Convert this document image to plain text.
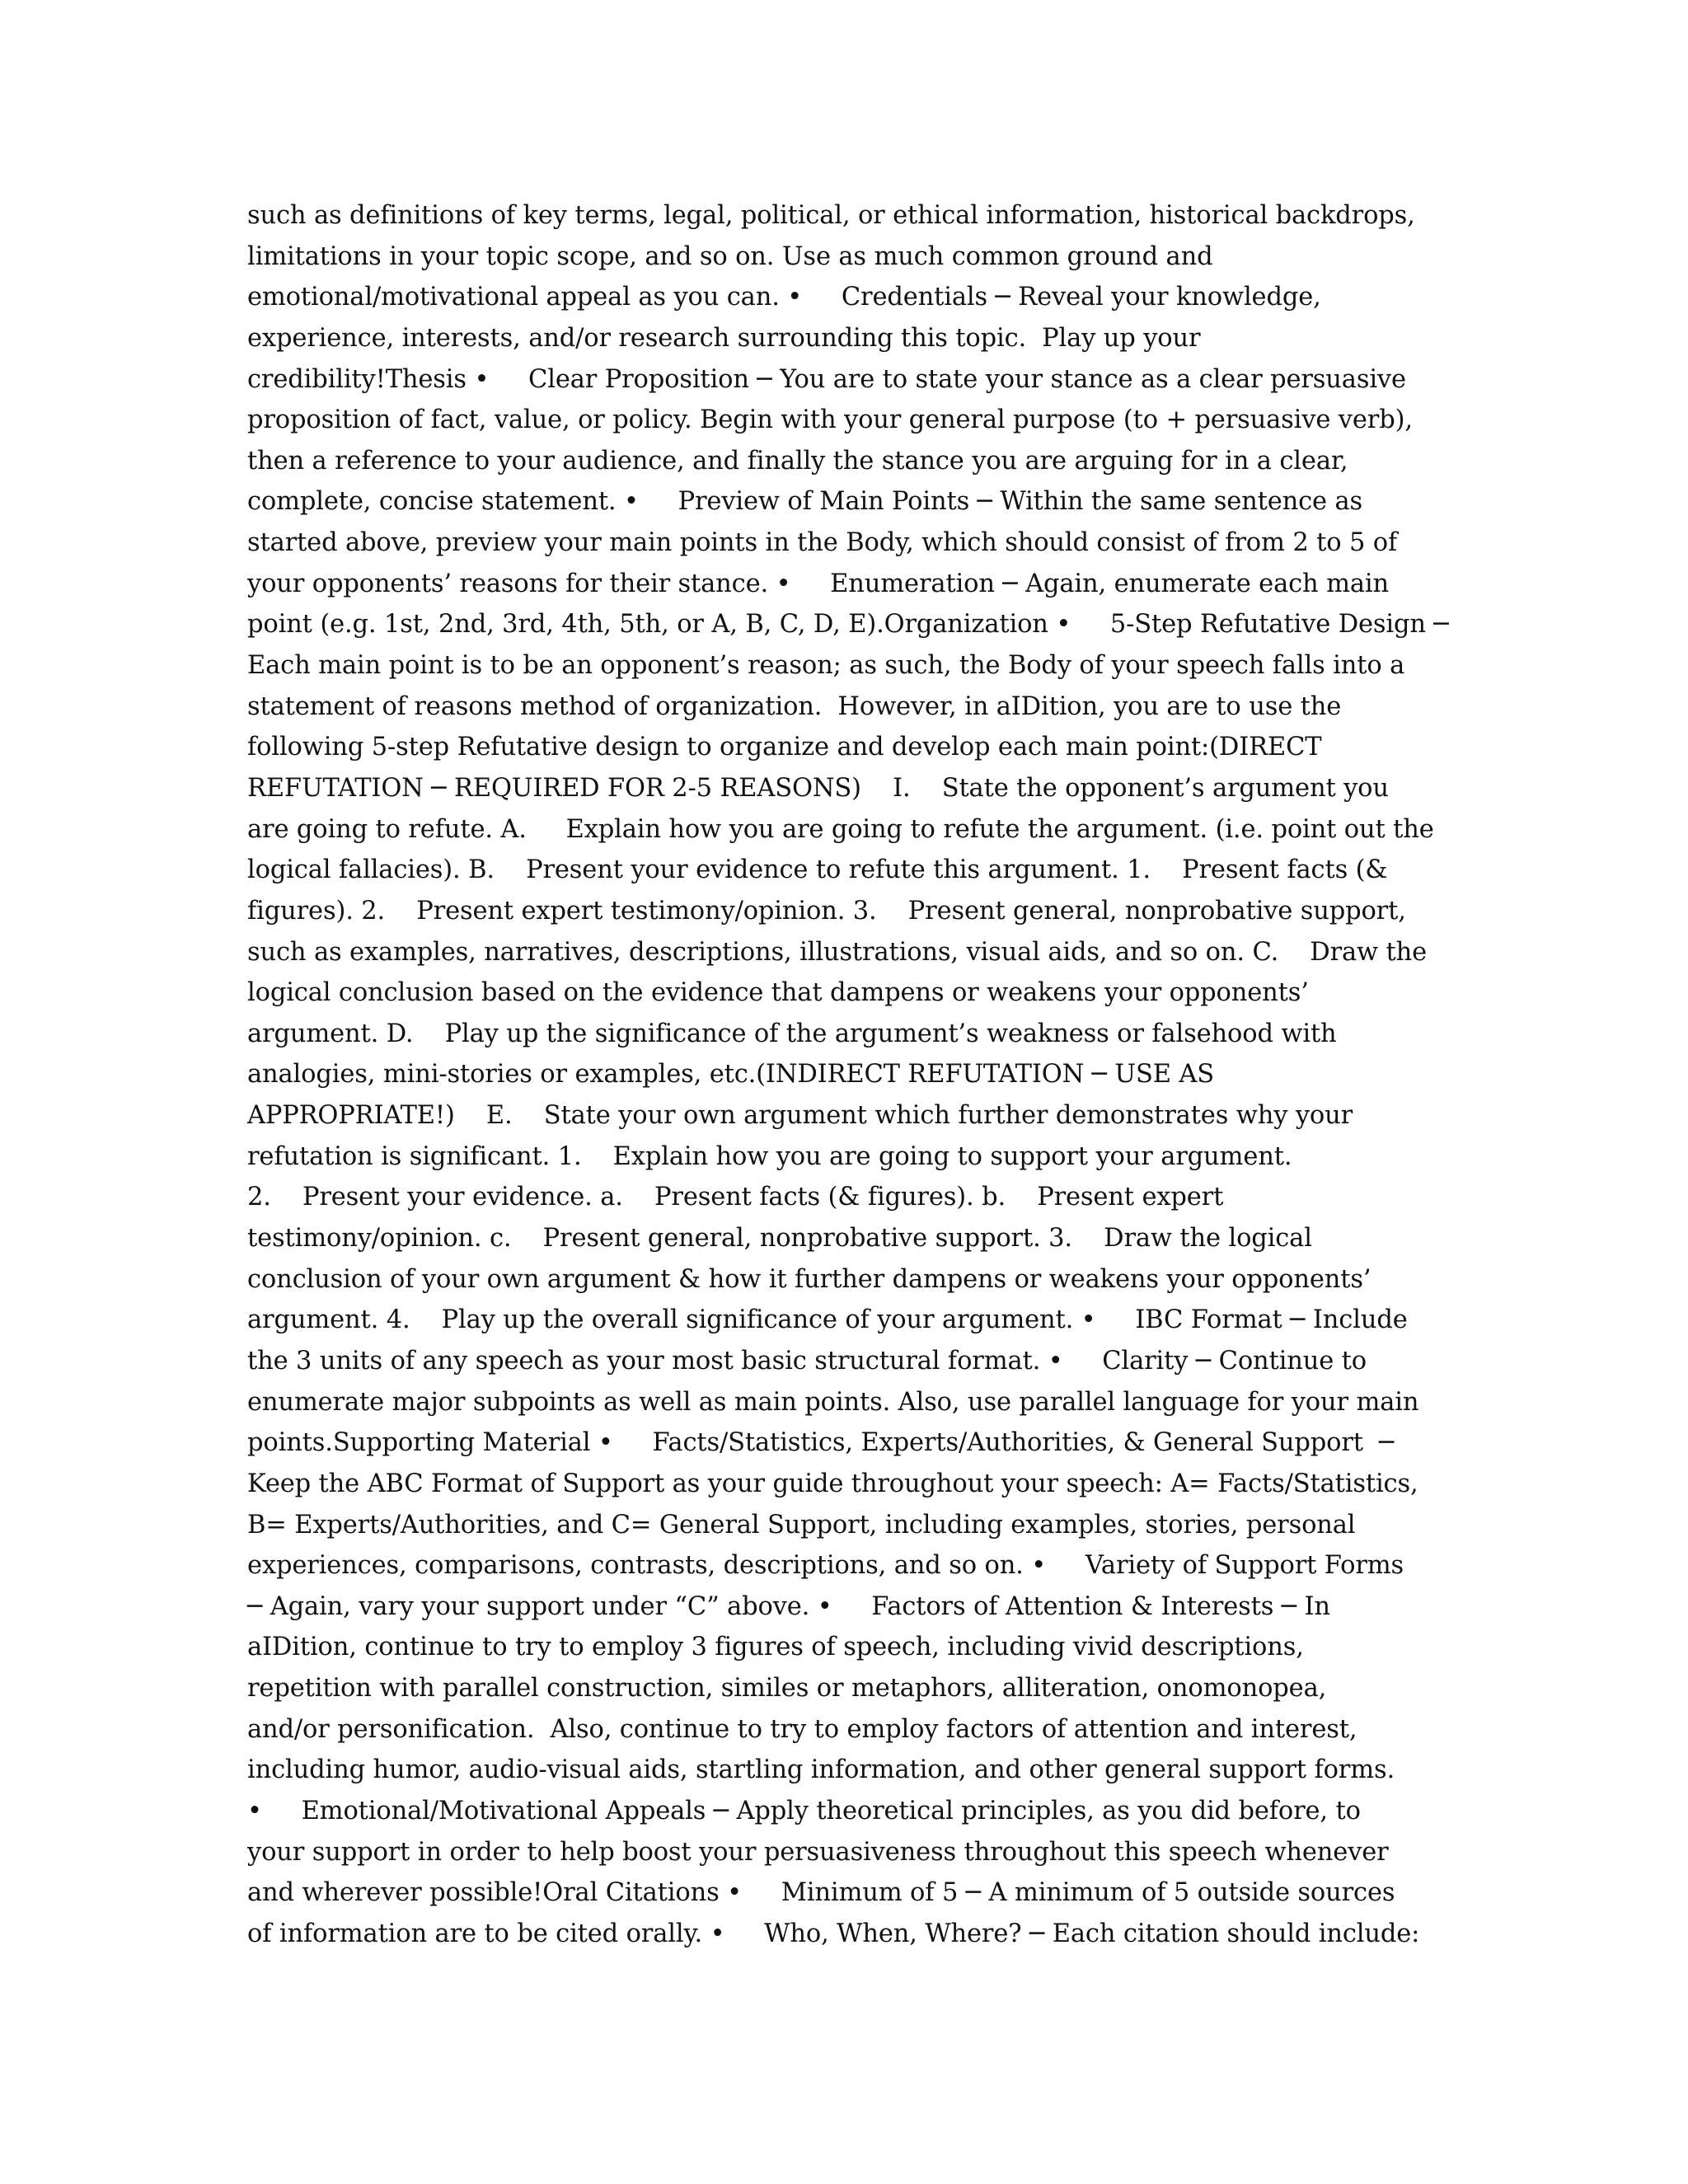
such as definitions of key terms, legal, political, or ethical information, historical backdrops,
limitations in your topic scope, and so on. Use as much common ground and
emotional/motivational appeal as you can. •     Credentials ─ Reveal your knowledge,
experience, interests, and/or research surrounding this topic.  Play up your
credibility!Thesis •     Clear Proposition ─ You are to state your stance as a clear persuasive
proposition of fact, value, or policy. Begin with your general purpose (to + persuasive verb),
then a reference to your audience, and finally the stance you are arguing for in a clear,
complete, concise statement. •     Preview of Main Points ─ Within the same sentence as
started above, preview your main points in the Body, which should consist of from 2 to 5 of
your opponents’ reasons for their stance. •     Enumeration ─ Again, enumerate each main
point (e.g. 1st, 2nd, 3rd, 4th, 5th, or A, B, C, D, E).Organization •     5-Step Refutative Design ─
Each main point is to be an opponent’s reason; as such, the Body of your speech falls into a
statement of reasons method of organization.  However, in aIDition, you are to use the
following 5-step Refutative design to organize and develop each main point:(DIRECT
REFUTATION ─ REQUIRED FOR 2-5 REASONS)    I.    State the opponent’s argument you
are going to refute. A.     Explain how you are going to refute the argument. (i.e. point out the
logical fallacies). B.    Present your evidence to refute this argument. 1.    Present facts (&
figures). 2.    Present expert testimony/opinion. 3.    Present general, nonprobative support,
such as examples, narratives, descriptions, illustrations, visual aids, and so on. C.    Draw the
logical conclusion based on the evidence that dampens or weakens your opponents’
argument. D.    Play up the significance of the argument’s weakness or falsehood with
analogies, mini-stories or examples, etc.(INDIRECT REFUTATION ─ USE AS
APPROPRIATE!)    E.    State your own argument which further demonstrates why your
refutation is significant. 1.    Explain how you are going to support your argument.
2.    Present your evidence. a.    Present facts (& figures). b.    Present expert
testimony/opinion. c.    Present general, nonprobative support. 3.    Draw the logical
conclusion of your own argument & how it further dampens or weakens your opponents’
argument. 4.    Play up the overall significance of your argument. •     IBC Format ─ Include
the 3 units of any speech as your most basic structural format. •     Clarity ─ Continue to
enumerate major subpoints as well as main points. Also, use parallel language for your main
points.Supporting Material •     Facts/Statistics, Experts/Authorities, & General Support  ─
Keep the ABC Format of Support as your guide throughout your speech: A= Facts/Statistics,
B= Experts/Authorities, and C= General Support, including examples, stories, personal
experiences, comparisons, contrasts, descriptions, and so on. •     Variety of Support Forms
─ Again, vary your support under “C” above. •     Factors of Attention & Interests ─ In
aIDition, continue to try to employ 3 figures of speech, including vivid descriptions,
repetition with parallel construction, similes or metaphors, alliteration, onomonopea,
and/or personification.  Also, continue to try to employ factors of attention and interest,
including humor, audio-visual aids, startling information, and other general support forms.
•     Emotional/Motivational Appeals ─ Apply theoretical principles, as you did before, to
your support in order to help boost your persuasiveness throughout this speech whenever
and wherever possible!Oral Citations •     Minimum of 5 ─ A minimum of 5 outside sources
of information are to be cited orally. •     Who, When, Where? ─ Each citation should include:
